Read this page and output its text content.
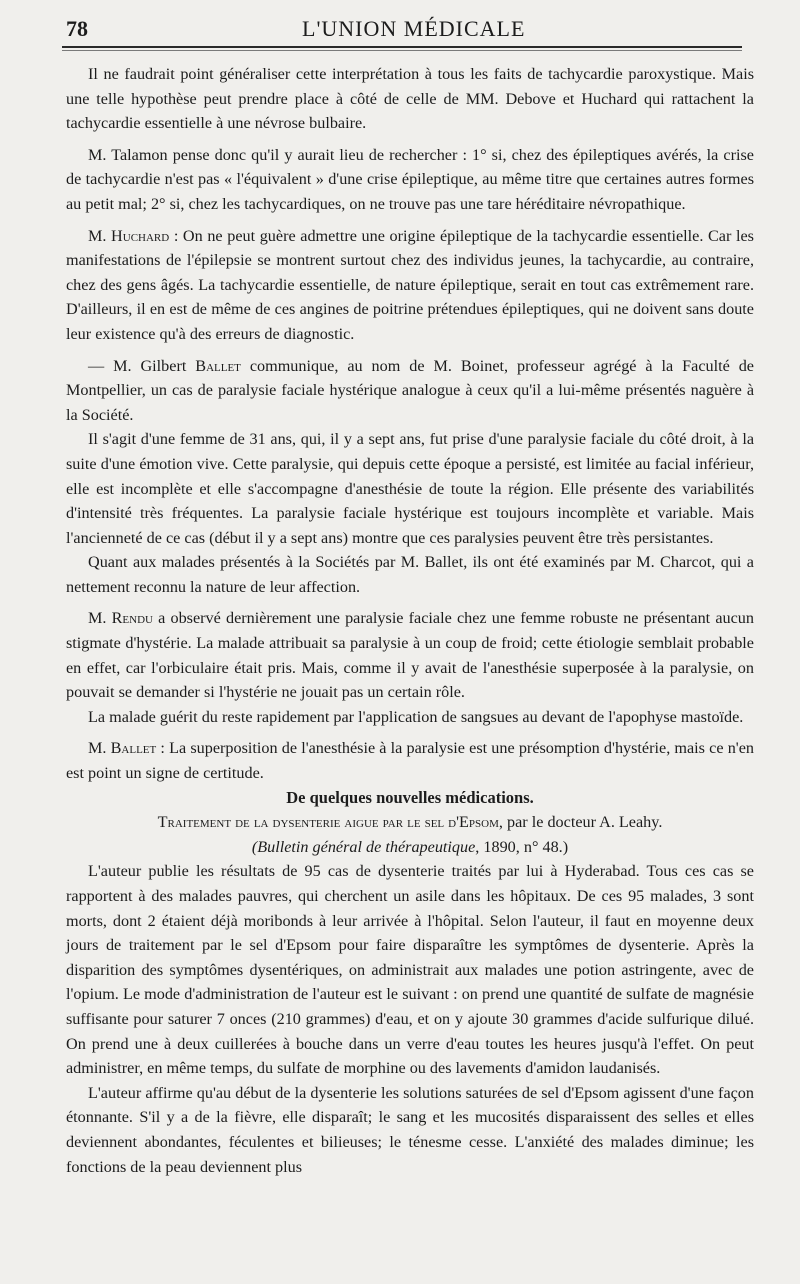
78	L'UNION MÉDICALE

Il ne faudrait point généraliser cette interprétation à tous les faits de tachycardie paroxystique. Mais une telle hypothèse peut prendre place à côté de celle de MM. Debove et Huchard qui rattachent la tachycardie essentielle à une névrose bulbaire.

M. Talamon pense donc qu'il y aurait lieu de rechercher : 1° si, chez des épileptiques avérés, la crise de tachycardie n'est pas « l'équivalent » d'une crise épileptique, au même titre que certaines autres formes au petit mal; 2° si, chez les tachycardiques, on ne trouve pas une tare héréditaire névropathique.

M. Huchard : On ne peut guère admettre une origine épileptique de la tachycardie essentielle. Car les manifestations de l'épilepsie se montrent surtout chez des individus jeunes, la tachycardie, au contraire, chez des gens âgés. La tachycardie essentielle, de nature épileptique, serait en tout cas extrêmement rare. D'ailleurs, il en est de même de ces angines de poitrine prétendues épileptiques, qui ne doivent sans doute leur existence qu'à des erreurs de diagnostic.

— M. Gilbert Ballet communique, au nom de M. Boinet, professeur agrégé à la Faculté de Montpellier, un cas de paralysie faciale hystérique analogue à ceux qu'il a lui-même présentés naguère à la Société.

Il s'agit d'une femme de 31 ans, qui, il y a sept ans, fut prise d'une paralysie faciale du côté droit, à la suite d'une émotion vive. Cette paralysie, qui depuis cette époque a persisté, est limitée au facial inférieur, elle est incomplète et elle s'accompagne d'anesthésie de toute la région. Elle présente des variabilités d'intensité très fréquentes. La paralysie faciale hystérique est toujours incomplète et variable. Mais l'ancienneté de ce cas (début il y a sept ans) montre que ces paralysies peuvent être très persistantes.

Quant aux malades présentés à la Sociétés par M. Ballet, ils ont été examinés par M. Charcot, qui a nettement reconnu la nature de leur affection.

M. Rendu a observé dernièrement une paralysie faciale chez une femme robuste ne présentant aucun stigmate d'hystérie. La malade attribuait sa paralysie à un coup de froid; cette étiologie semblait probable en effet, car l'orbiculaire était pris. Mais, comme il y avait de l'anesthésie superposée à la paralysie, on pouvait se demander si l'hystérie ne jouait pas un certain rôle.

La malade guérit du reste rapidement par l'application de sangsues au devant de l'apophyse mastoïde.

M. Ballet : La superposition de l'anesthésie à la paralysie est une présomption d'hystérie, mais ce n'en est point un signe de certitude.

De quelques nouvelles médications.

Traitement de la dysenterie aigue par le sel d'Epsom, par le docteur A. Leahy.

(Bulletin général de thérapeutique, 1890, n° 48.)

L'auteur publie les résultats de 95 cas de dysenterie traités par lui à Hyderabad. Tous ces cas se rapportent à des malades pauvres, qui cherchent un asile dans les hôpitaux. De ces 95 malades, 3 sont morts, dont 2 étaient déjà moribonds à leur arrivée à l'hôpital. Selon l'auteur, il faut en moyenne deux jours de traitement par le sel d'Epsom pour faire disparaître les symptômes de dysenterie. Après la disparition des symptômes dysentériques, on administrait aux malades une potion astringente, avec de l'opium. Le mode d'administration de l'auteur est le suivant : on prend une quantité de sulfate de magnésie suffisante pour saturer 7 onces (210 grammes) d'eau, et on y ajoute 30 grammes d'acide sulfurique dilué. On prend une à deux cuillerées à bouche dans un verre d'eau toutes les heures jusqu'à l'effet. On peut administrer, en même temps, du sulfate de morphine ou des lavements d'amidon laudanisés.

L'auteur affirme qu'au début de la dysenterie les solutions saturées de sel d'Epsom agissent d'une façon étonnante. S'il y a de la fièvre, elle disparaît; le sang et les mucosités disparaissent des selles et elles deviennent abondantes, féculentes et bilieuses; le ténesme cesse. L'anxiété des malades diminue; les fonctions de la peau deviennent plus
